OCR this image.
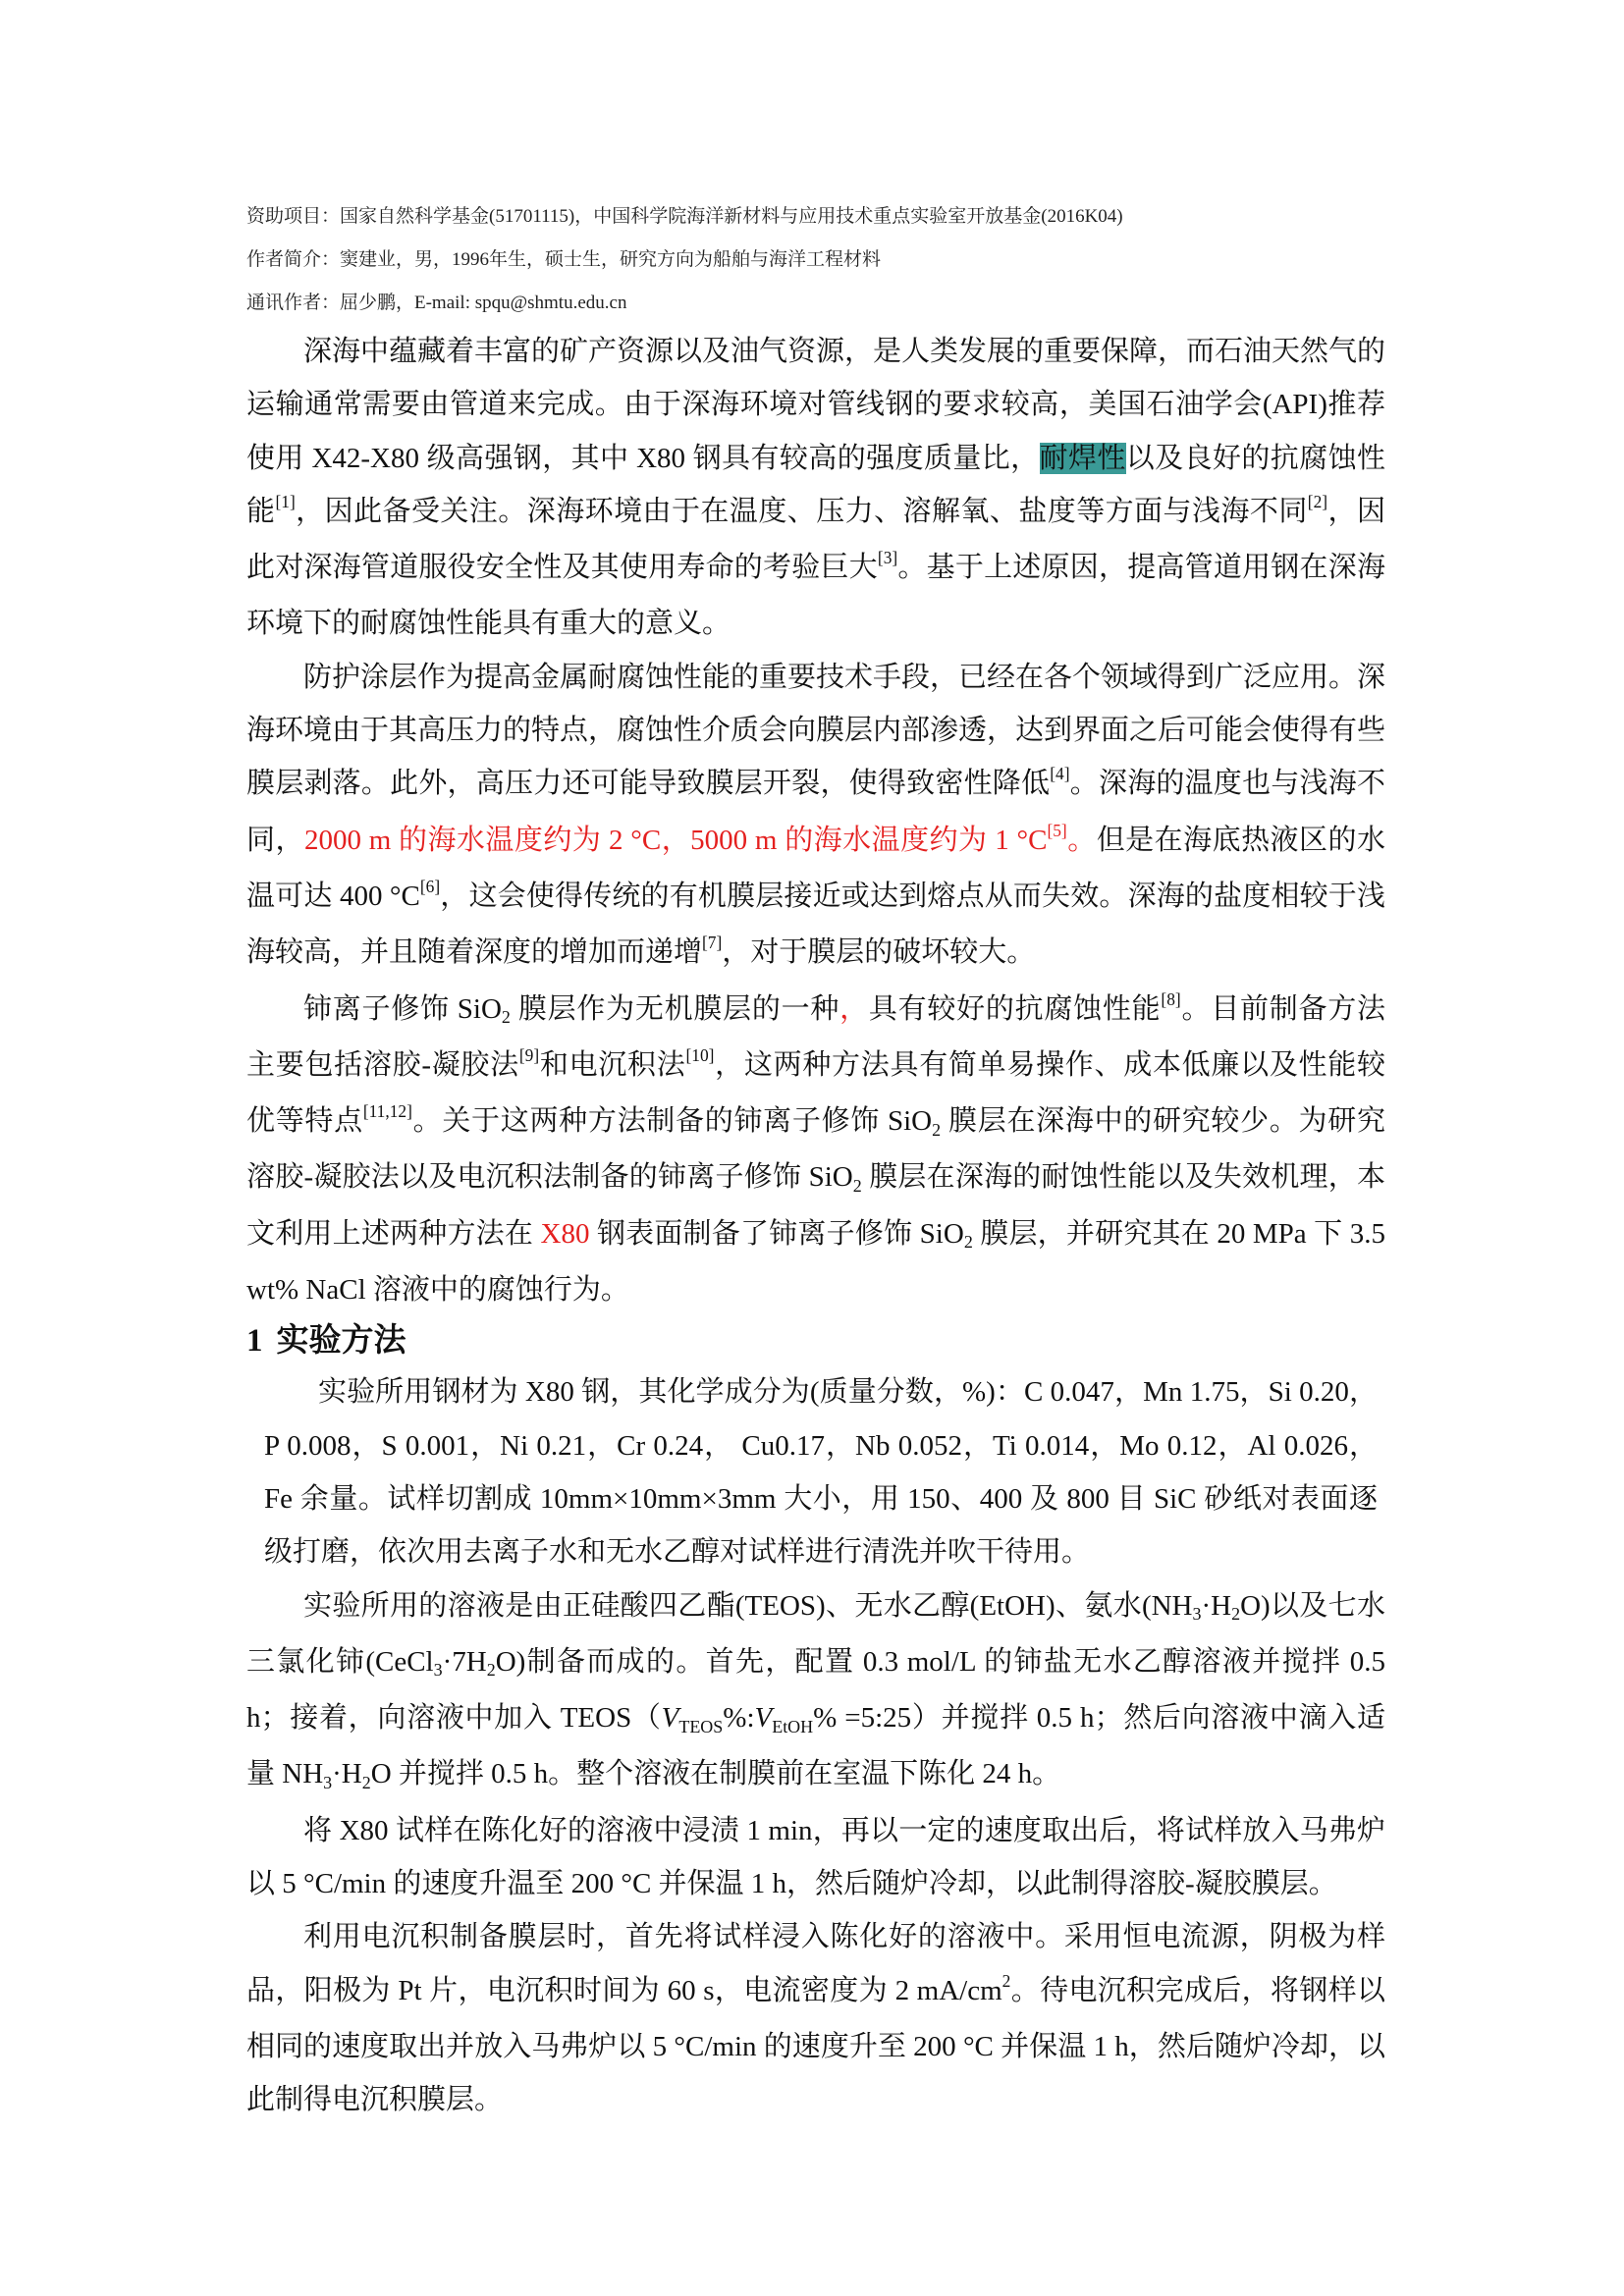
资助项目：国家自然科学基金(51701115)，中国科学院海洋新材料与应用技术重点实验室开放基金(2016K04)

作者简介：窦建业，男，1996年生，硕士生，研究方向为船舶与海洋工程材料

通讯作者：屈少鹏，E-mail: spqu@shmtu.edu.cn

深海中蕴藏着丰富的矿产资源以及油气资源，是人类发展的重要保障，而石油天然气的运输通常需要由管道来完成。由于深海环境对管线钢的要求较高，美国石油学会(API)推荐使用 X42-X80 级高强钢，其中 X80 钢具有较高的强度质量比，耐焊性以及良好的抗腐蚀性能[1]，因此备受关注。深海环境由于在温度、压力、溶解氧、盐度等方面与浅海不同[2]，因此对深海管道服役安全性及其使用寿命的考验巨大[3]。基于上述原因，提高管道用钢在深海环境下的耐腐蚀性能具有重大的意义。

防护涂层作为提高金属耐腐蚀性能的重要技术手段，已经在各个领域得到广泛应用。深海环境由于其高压力的特点，腐蚀性介质会向膜层内部渗透，达到界面之后可能会使得有些膜层剥落。此外，高压力还可能导致膜层开裂，使得致密性降低[4]。深海的温度也与浅海不同，2000 m 的海水温度约为 2 °C，5000 m 的海水温度约为 1 °C[5]。但是在海底热液区的水温可达 400 °C[6]，这会使得传统的有机膜层接近或达到熔点从而失效。深海的盐度相较于浅海较高，并且随着深度的增加而递增[7]，对于膜层的破坏较大。

铈离子修饰 SiO2 膜层作为无机膜层的一种，具有较好的抗腐蚀性能[8]。目前制备方法主要包括溶胶-凝胶法[9]和电沉积法[10]，这两种方法具有简单易操作、成本低廉以及性能较优等特点[11,12]。关于这两种方法制备的铈离子修饰 SiO2 膜层在深海中的研究较少。为研究溶胶-凝胶法以及电沉积法制备的铈离子修饰 SiO2 膜层在深海的耐蚀性能以及失效机理，本文利用上述两种方法在 X80 钢表面制备了铈离子修饰 SiO2 膜层，并研究其在 20 MPa 下 3.5 wt% NaCl 溶液中的腐蚀行为。

1 实验方法

实验所用钢材为 X80 钢，其化学成分为(质量分数，%)：C 0.047，Mn 1.75，Si 0.20，P 0.008，S 0.001，Ni 0.21，Cr 0.24， Cu0.17，Nb 0.052，Ti 0.014，Mo 0.12，Al 0.026，Fe 余量。试样切割成 10mm×10mm×3mm 大小，用 150、400 及 800 目 SiC 砂纸对表面逐级打磨，依次用去离子水和无水乙醇对试样进行清洗并吹干待用。

实验所用的溶液是由正硅酸四乙酯(TEOS)、无水乙醇(EtOH)、氨水(NH3·H2O)以及七水三氯化铈(CeCl3·7H2O)制备而成的。首先，配置 0.3 mol/L 的铈盐无水乙醇溶液并搅拌 0.5 h；接着，向溶液中加入 TEOS（VTEOS%:VEtOH% =5:25）并搅拌 0.5 h；然后向溶液中滴入适量 NH3·H2O 并搅拌 0.5 h。整个溶液在制膜前在室温下陈化 24 h。

将 X80 试样在陈化好的溶液中浸渍 1 min，再以一定的速度取出后，将试样放入马弗炉以 5 °C/min 的速度升温至 200 °C 并保温 1 h，然后随炉冷却，以此制得溶胶-凝胶膜层。

利用电沉积制备膜层时，首先将试样浸入陈化好的溶液中。采用恒电流源，阴极为样品，阳极为 Pt 片，电沉积时间为 60 s，电流密度为 2 $mA/cm^2$。待电沉积完成后，将钢样以相同的速度取出并放入马弗炉以 5 °C/min 的速度升至 200 °C 并保温 1 h，然后随炉冷却，以此制得电沉积膜层。
